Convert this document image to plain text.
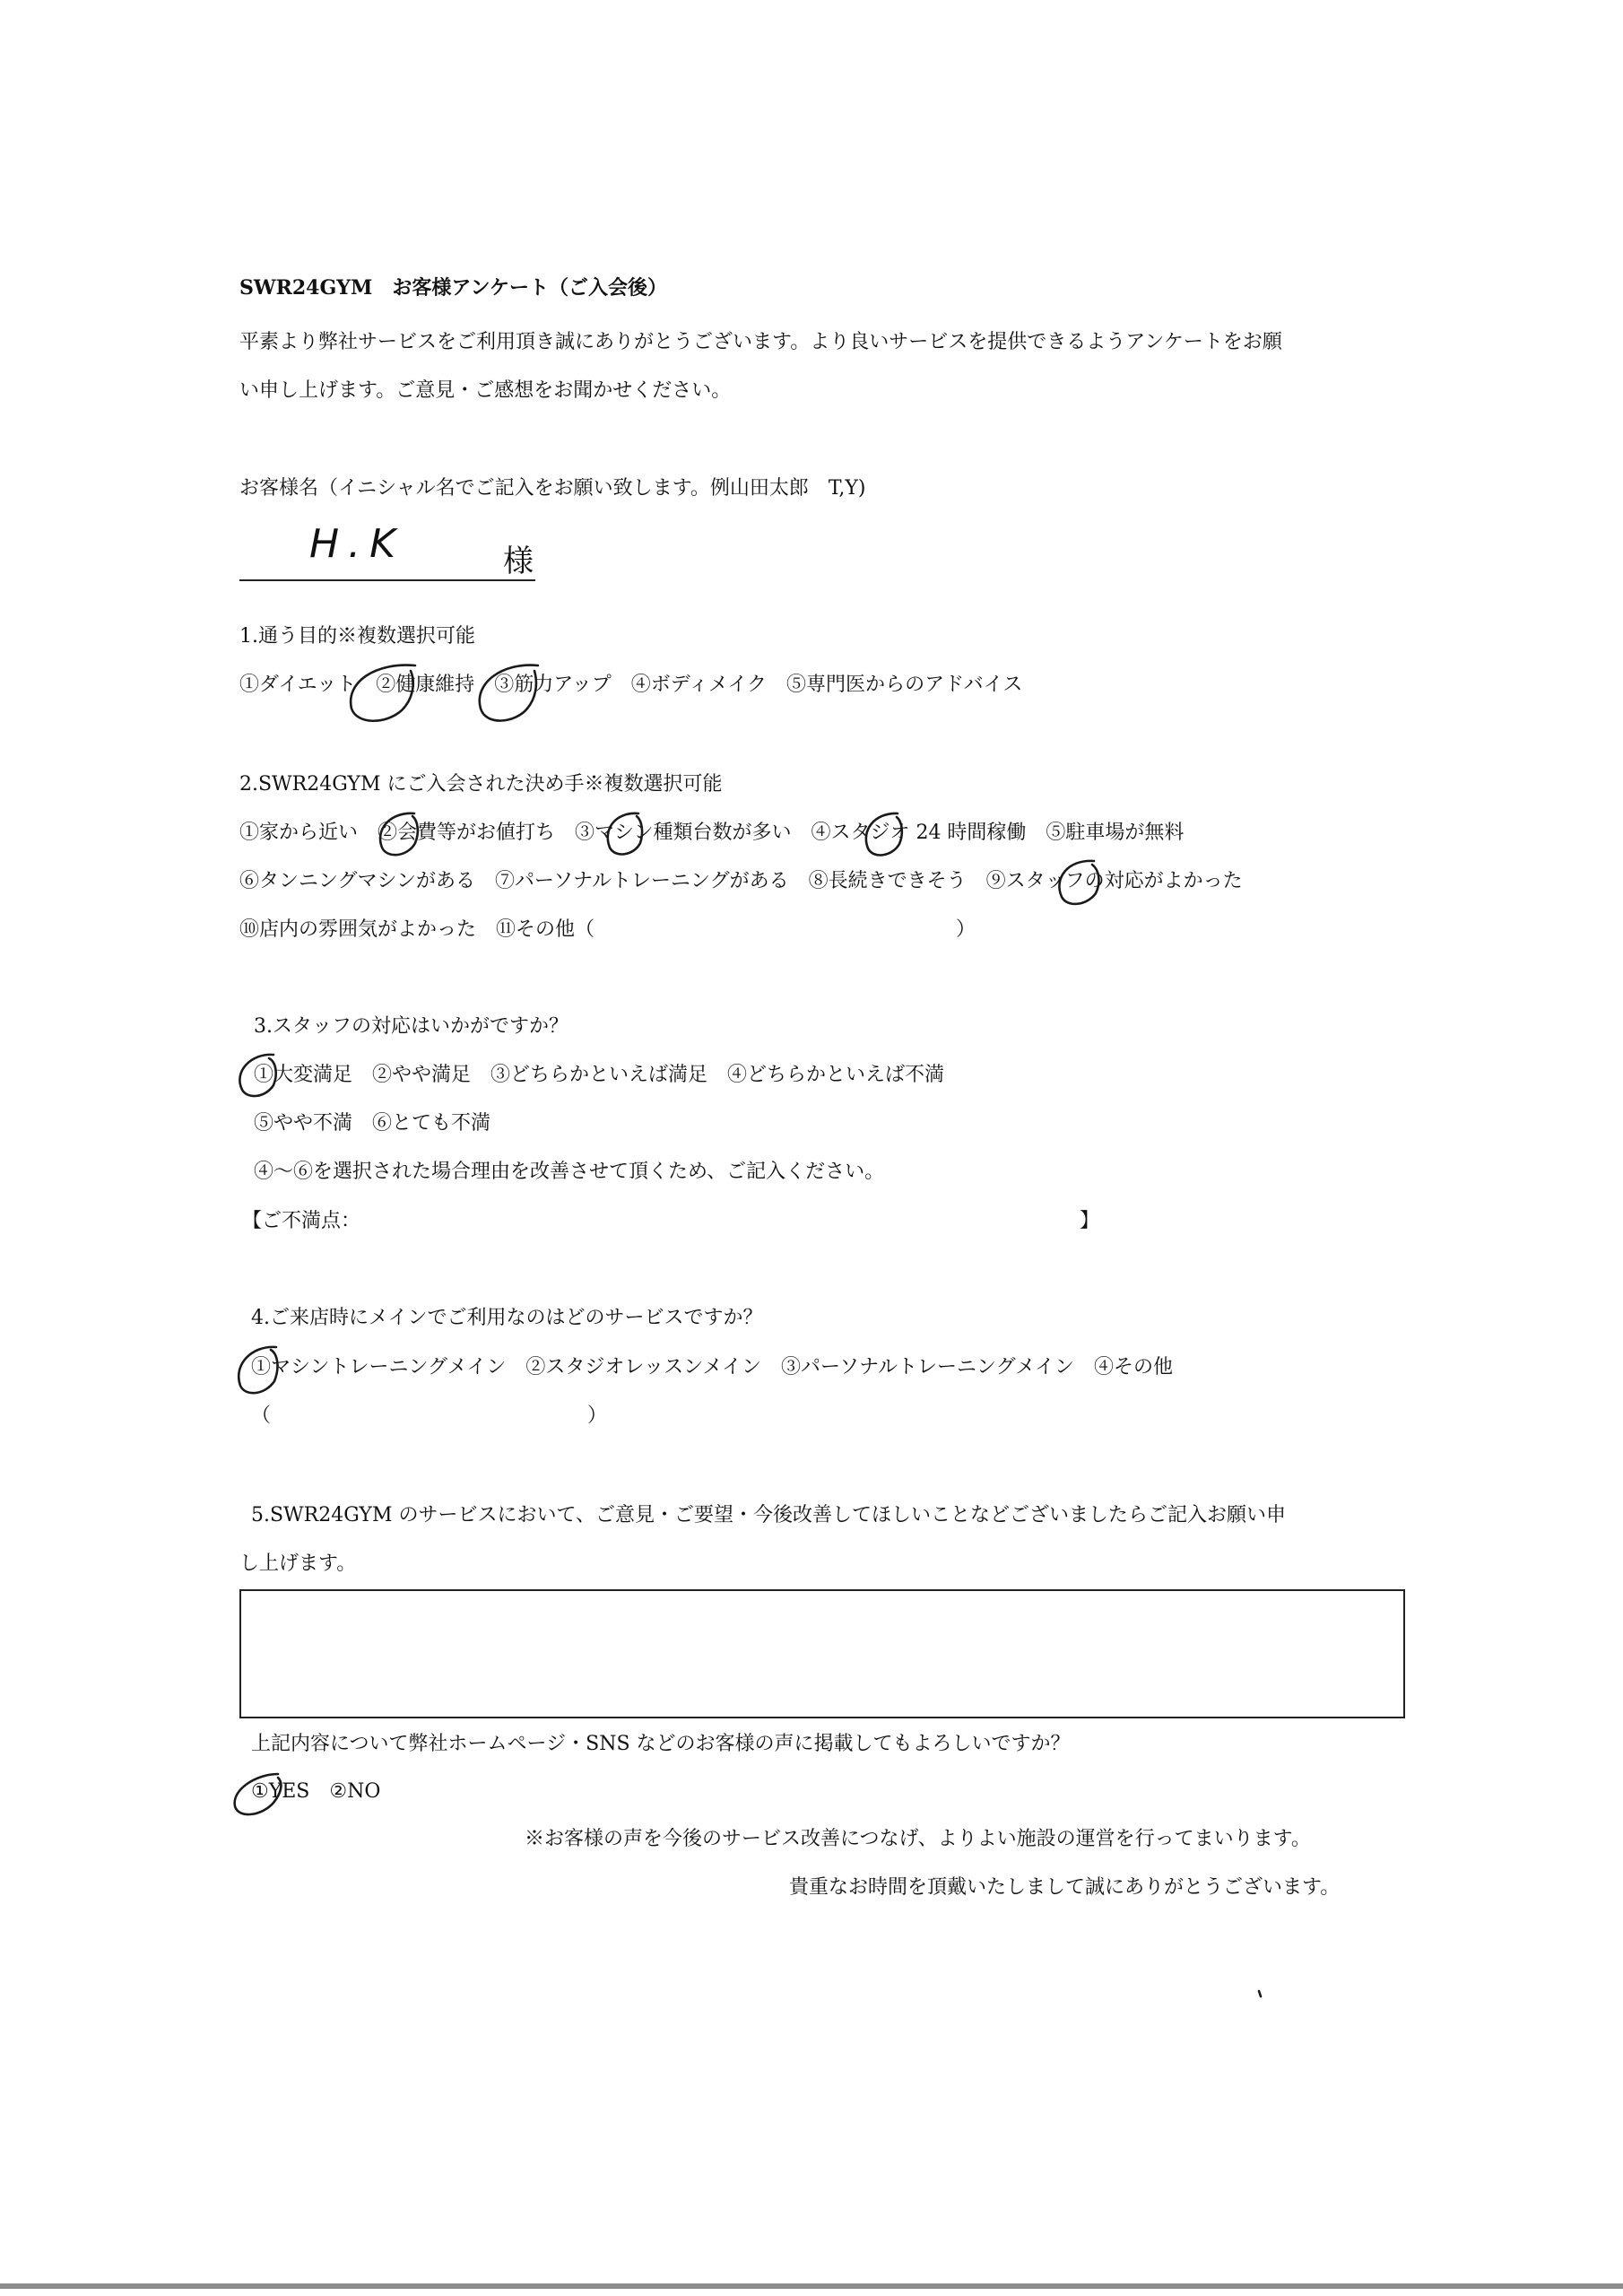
SWR24GYM　お客様アンケート（ご入会後）
平素より弊社サービスをご利用頂き誠にありがとうございます。より良いサービスを提供できるようアンケートをお願
い申し上げます。ご意見・ご感想をお聞かせください。
お客様名（イニシャル名でご記入をお願い致します。例山田太郎　T,Y)
H.K	様
1.通う目的※複数選択可能
①ダイエット　②健康維持　③筋力アップ　④ボディメイク　⑤専門医からのアドバイス
2.SWR24GYM にご入会された決め手※複数選択可能
①家から近い　②会費等がお値打ち　③マシン種類台数が多い　④スタジオ 24 時間稼働　⑤駐車場が無料
⑥タンニングマシンがある　⑦パーソナルトレーニングがある　⑧長続きできそう　⑨スタッフの対応がよかった
⑩店内の雰囲気がよかった　⑪その他（	）
3.スタッフの対応はいかがですか？
①大変満足　②やや満足　③どちらかといえば満足　④どちらかといえば不満
⑤やや不満　⑥とても不満
④～⑥を選択された場合理由を改善させて頂くため、ご記入ください。
【ご不満点：	】
4.ご来店時にメインでご利用なのはどのサービスですか？
①マシントレーニングメイン　②スタジオレッスンメイン　③パーソナルトレーニングメイン　④その他
（	）
5.SWR24GYM のサービスにおいて、ご意見・ご要望・今後改善してほしいことなどございましたらご記入お願い申
し上げます。
上記内容について弊社ホームページ・SNS などのお客様の声に掲載してもよろしいですか？
①YES　②NO
※お客様の声を今後のサービス改善につなげ、よりよい施設の運営を行ってまいります。
貴重なお時間を頂戴いたしまして誠にありがとうございます。
